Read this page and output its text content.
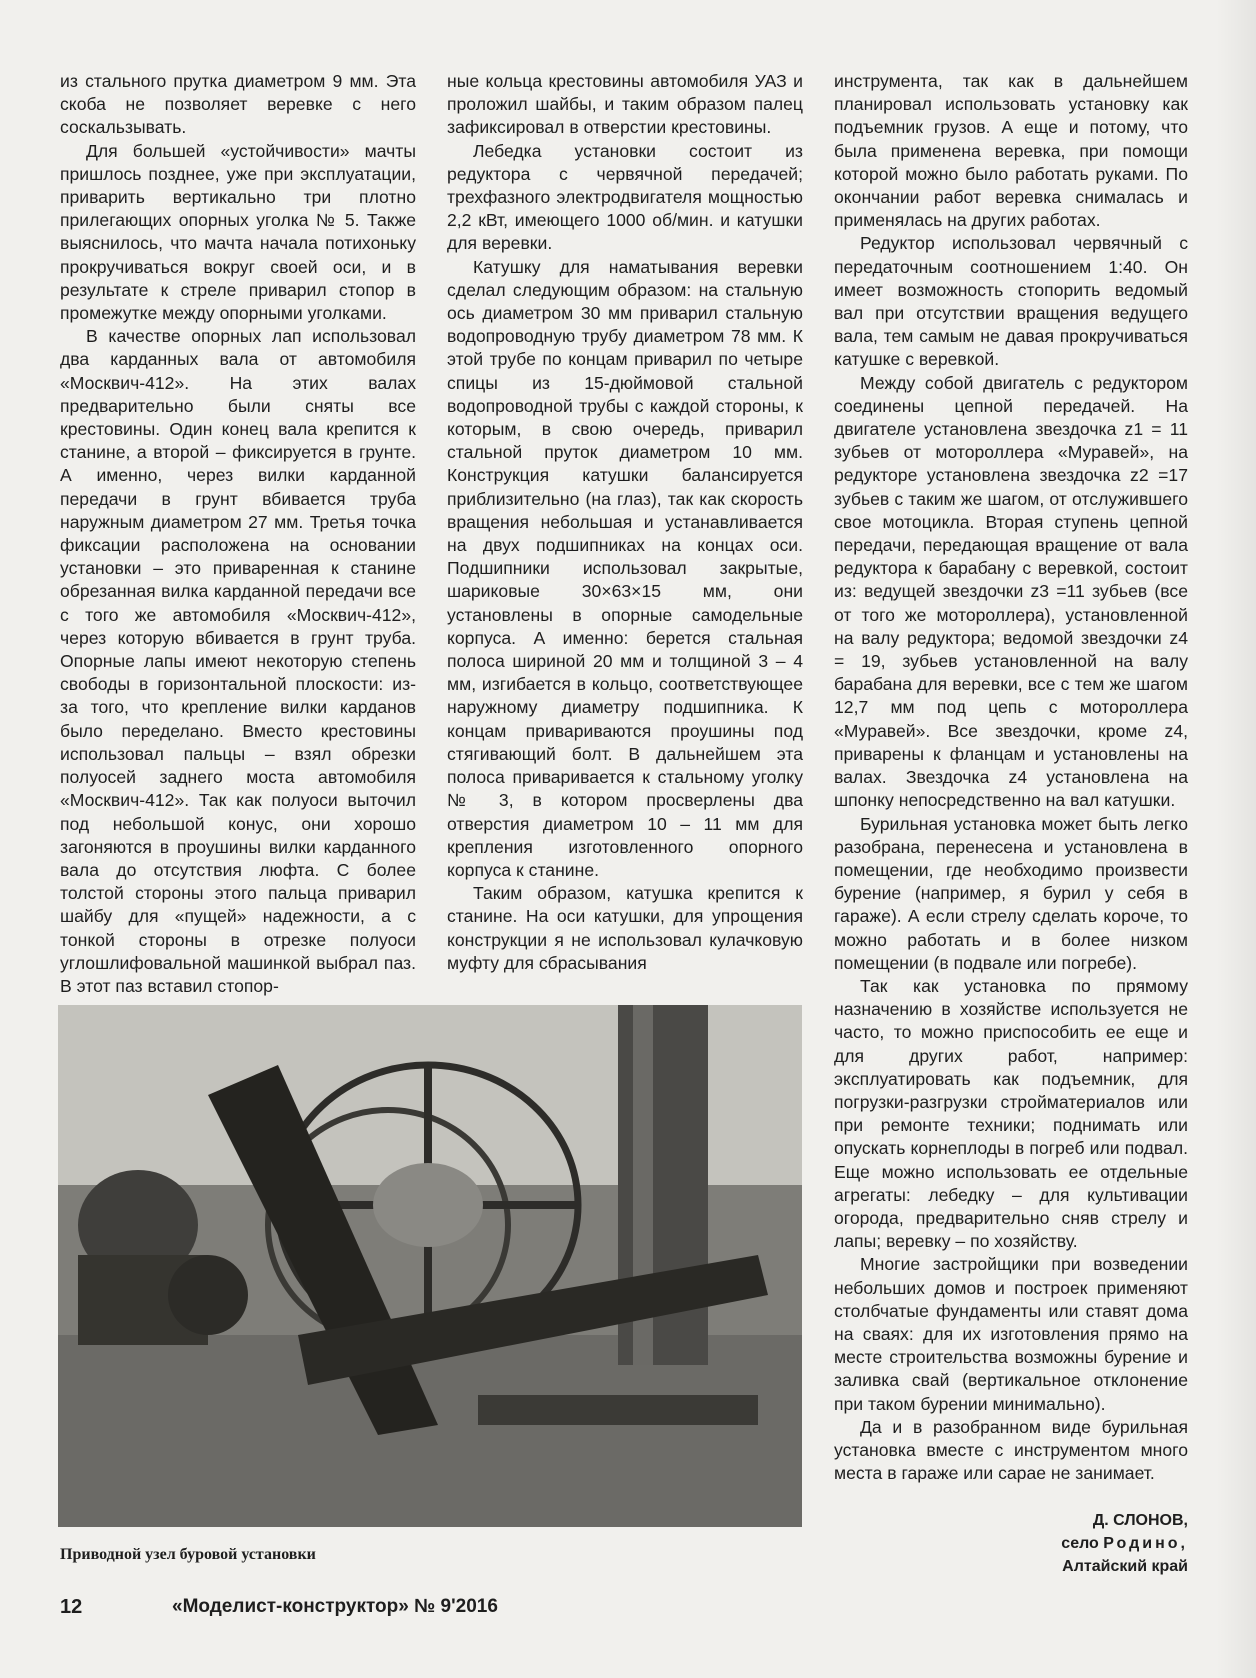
из стального прутка диаметром 9 мм. Эта скоба не позволяет веревке с него соскальзывать.

Для большей «устойчивости» мачты пришлось позднее, уже при эксплуатации, приварить вертикально три плотно прилегающих опорных уголка № 5. Также выяснилось, что мачта начала потихоньку прокручиваться вокруг своей оси, и в результате к стреле приварил стопор в промежутке между опорными уголками.

В качестве опорных лап использовал два карданных вала от автомобиля «Москвич-412». На этих валах предварительно были сняты все крестовины. Один конец вала крепится к станине, а второй – фиксируется в грунте. А именно, через вилки карданной передачи в грунт вбивается труба наружным диаметром 27 мм. Третья точка фиксации расположена на основании установки – это приваренная к станине обрезанная вилка карданной передачи все с того же автомобиля «Москвич-412», через которую вбивается в грунт труба. Опорные лапы имеют некоторую степень свободы в горизонтальной плоскости: из-за того, что крепление вилки карданов было переделано. Вместо крестовины использовал пальцы – взял обрезки полуосей заднего моста автомобиля «Москвич-412». Так как полуоси выточил под небольшой конус, они хорошо загоняются в проушины вилки карданного вала до отсутствия люфта. С более толстой стороны этого пальца приварил шайбу для «пущей» надежности, а с тонкой стороны в отрезке полуоси углошлифовальной машинкой выбрал паз. В этот паз вставил стопор-

ные кольца крестовины автомобиля УАЗ и проложил шайбы, и таким образом палец зафиксировал в отверстии крестовины.

Лебедка установки состоит из редуктора с червячной передачей; трехфазного электродвигателя мощностью 2,2 кВт, имеющего 1000 об/мин. и катушки для веревки.

Катушку для наматывания веревки сделал следующим образом: на стальную ось диаметром 30 мм приварил стальную водопроводную трубу диаметром 78 мм. К этой трубе по концам приварил по четыре спицы из 15-дюймовой стальной водопроводной трубы с каждой стороны, к которым, в свою очередь, приварил стальной пруток диаметром 10 мм. Конструкция катушки балансируется приблизительно (на глаз), так как скорость вращения небольшая и устанавливается на двух подшипниках на концах оси. Подшипники использовал закрытые, шариковые 30×63×15 мм, они установлены в опорные самодельные корпуса. А именно: берется стальная полоса шириной 20 мм и толщиной 3 – 4 мм, изгибается в кольцо, соответствующее наружному диаметру подшипника. К концам привариваются проушины под стягивающий болт. В дальнейшем эта полоса приваривается к стальному уголку № 3, в котором просверлены два отверстия диаметром 10 – 11 мм для крепления изготовленного опорного корпуса к станине.

Таким образом, катушка крепится к станине. На оси катушки, для упрощения конструкции я не использовал кулачковую муфту для сбрасывания

инструмента, так как в дальнейшем планировал использовать установку как подъемник грузов. А еще и потому, что была применена веревка, при помощи которой можно было работать руками. По окончании работ веревка снималась и применялась на других работах.

Редуктор использовал червячный с передаточным соотношением 1:40. Он имеет возможность стопорить ведомый вал при отсутствии вращения ведущего вала, тем самым не давая прокручиваться катушке с веревкой.

Между собой двигатель с редуктором соединены цепной передачей. На двигателе установлена звездочка z1 = 11 зубьев от мотороллера «Муравей», на редукторе установлена звездочка z2 =17 зубьев с таким же шагом, от отслужившего свое мотоцикла. Вторая ступень цепной передачи, передающая вращение от вала редуктора к барабану с веревкой, состоит из: ведущей звездочки z3 =11 зубьев (все от того же мотороллера), установленной на валу редуктора; ведомой звездочки z4 = 19, зубьев установленной на валу барабана для веревки, все с тем же шагом 12,7 мм под цепь с мотороллера «Муравей». Все звездочки, кроме z4, приварены к фланцам и установлены на валах. Звездочка z4 установлена на шпонку непосредственно на вал катушки.

Бурильная установка может быть легко разобрана, перенесена и установлена в помещении, где необходимо произвести бурение (например, я бурил у себя в гараже). А если стрелу сделать короче, то можно работать и в более низком помещении (в подвале или погребе).

Так как установка по прямому назначению в хозяйстве используется не часто, то можно приспособить ее еще и для других работ, например: эксплуатировать как подъемник, для погрузки-разгрузки стройматериалов или при ремонте техники; поднимать или опускать корнеплоды в погреб или подвал. Еще можно использовать ее отдельные агрегаты: лебедку – для культивации огорода, предварительно сняв стрелу и лапы; веревку – по хозяйству.

Многие застройщики при возведении небольших домов и построек применяют столбчатые фундаменты или ставят дома на сваях: для их изготовления прямо на месте строительства возможны бурение и заливка свай (вертикальное отклонение при таком бурении минимально).

Да и в разобранном виде бурильная установка вместе с инструментом много места в гараже или сарае не занимает.

Приводной узел буровой установки
Д. СЛОНОВ,
село Родино,
Алтайский край
12	«Моделист-конструктор» № 9'2016
